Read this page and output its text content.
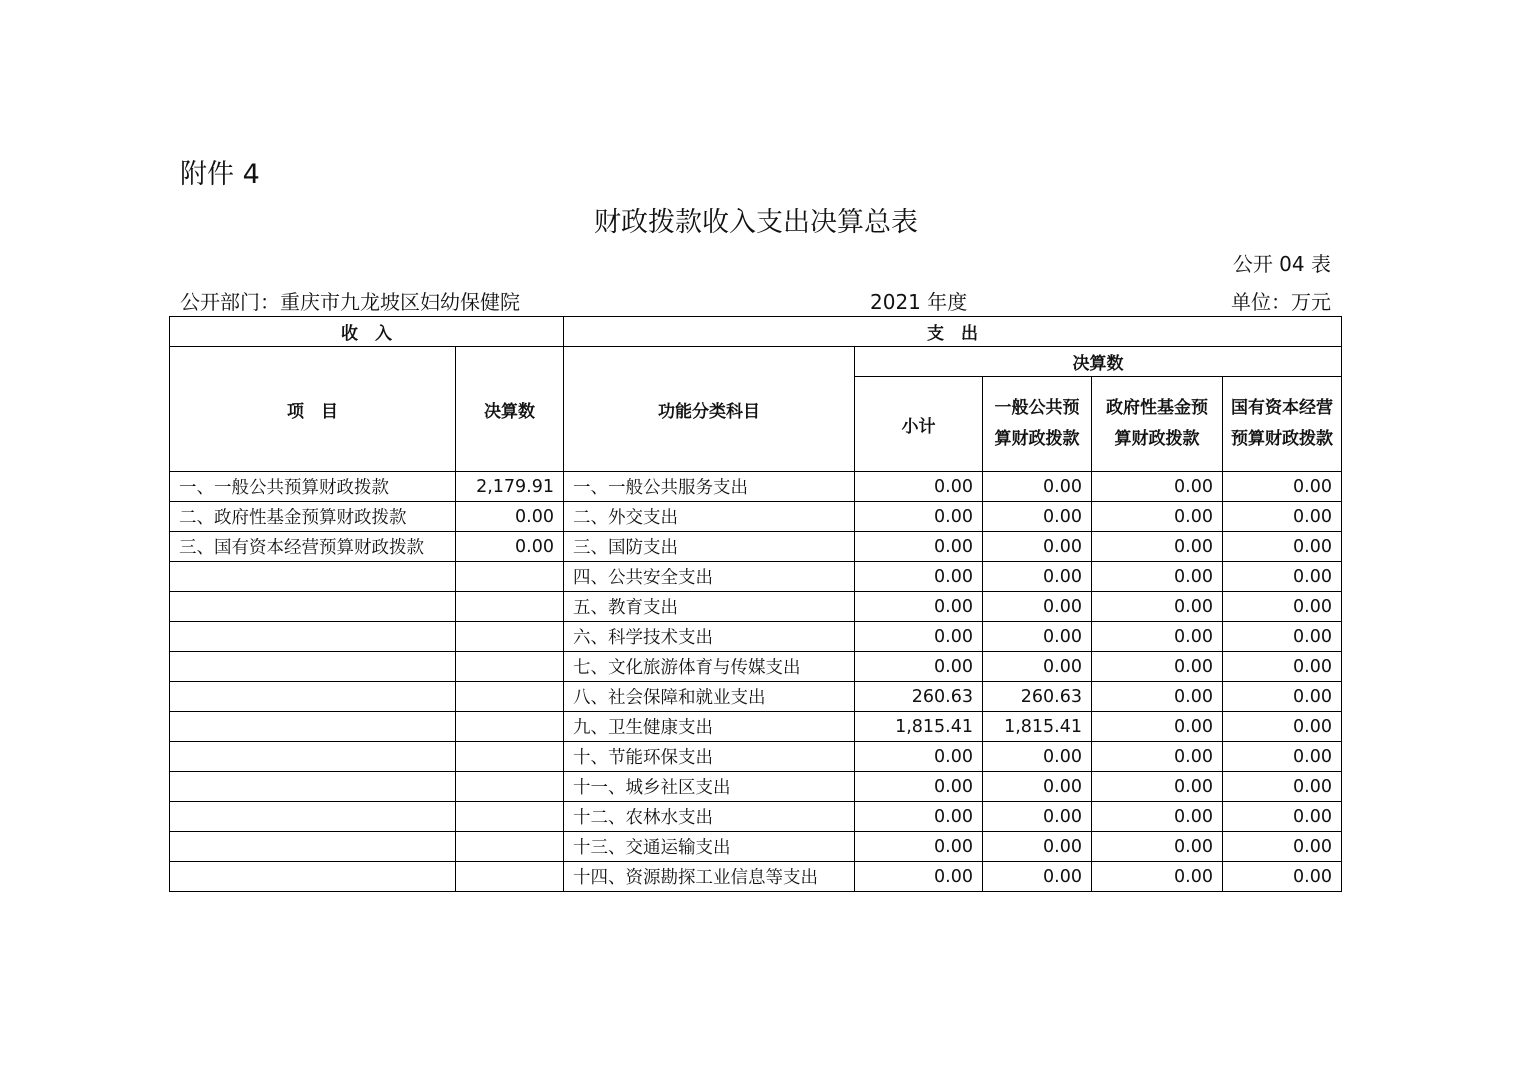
附件 4
财政拨款收入支出决算总表
公开 04 表
公开部门：重庆市九龙坡区妇幼保健院	2021 年度	单位：万元
收　入		支　出				
项　目	决算数	功能分类科目	决算数			
			小计	一般公共预算财政拨款	政府性基金预算财政拨款	国有资本经营预算财政拨款
一、一般公共预算财政拨款	2,179.91	一、一般公共服务支出	0.00	0.00	0.00	0.00
二、政府性基金预算财政拨款	0.00	二、外交支出	0.00	0.00	0.00	0.00
三、国有资本经营预算财政拨款	0.00	三、国防支出	0.00	0.00	0.00	0.00
		四、公共安全支出	0.00	0.00	0.00	0.00
		五、教育支出	0.00	0.00	0.00	0.00
		六、科学技术支出	0.00	0.00	0.00	0.00
		七、文化旅游体育与传媒支出	0.00	0.00	0.00	0.00
		八、社会保障和就业支出	260.63	260.63	0.00	0.00
		九、卫生健康支出	1,815.41	1,815.41	0.00	0.00
		十、节能环保支出	0.00	0.00	0.00	0.00
		十一、城乡社区支出	0.00	0.00	0.00	0.00
		十二、农林水支出	0.00	0.00	0.00	0.00
		十三、交通运输支出	0.00	0.00	0.00	0.00
		十四、资源勘探工业信息等支出	0.00	0.00	0.00	0.00
